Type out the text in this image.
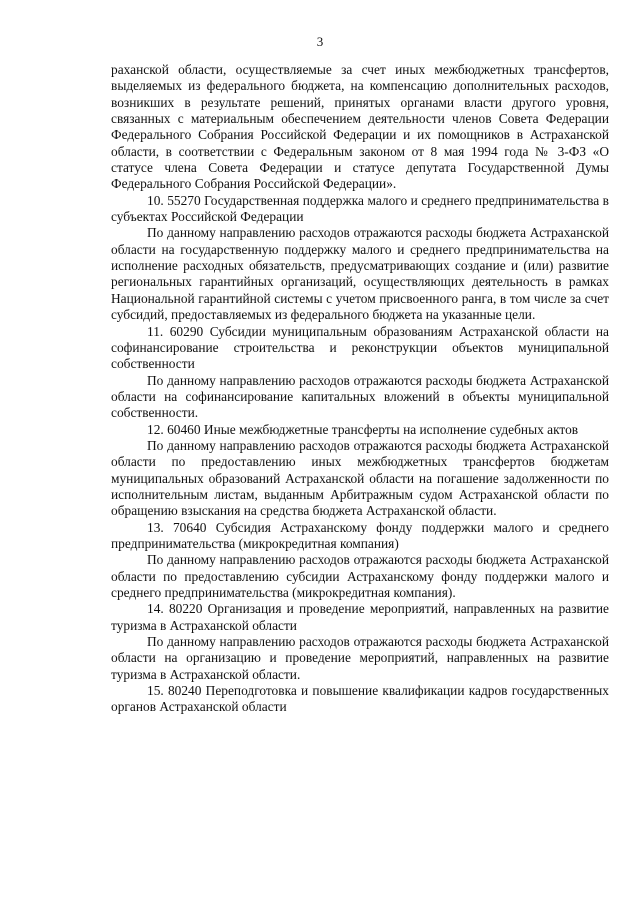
3

раханской области, осуществляемые за счет иных межбюджетных трансфертов, выделяемых из федерального бюджета, на компенсацию дополнительных расходов, возникших в результате решений, принятых органами власти другого уровня, связанных с материальным обеспечением деятельности членов Совета Федерации Федерального Собрания Российской Федерации и их помощников в Астраханской области, в соответствии с Федеральным законом от 8 мая 1994 года № 3-ФЗ «О статусе члена Совета Федерации и статусе депутата Государственной Думы Федерального Собрания Российской Федерации».

10. 55270 Государственная поддержка малого и среднего предпринимательства в субъектах Российской Федерации

По данному направлению расходов отражаются расходы бюджета Астраханской области на государственную поддержку малого и среднего предпринимательства на исполнение расходных обязательств, предусматривающих создание и (или) развитие региональных гарантийных организаций, осуществляющих деятельность в рамках Национальной гарантийной системы с учетом присвоенного ранга, в том числе за счет субсидий, предоставляемых из федерального бюджета на указанные цели.

11. 60290 Субсидии муниципальным образованиям Астраханской области на софинансирование строительства и реконструкции объектов муниципальной собственности

По данному направлению расходов отражаются расходы бюджета Астраханской области на софинансирование капитальных вложений в объекты муниципальной собственности.

12. 60460 Иные межбюджетные трансферты на исполнение судебных актов

По данному направлению расходов отражаются расходы бюджета Астраханской области по предоставлению иных межбюджетных трансфертов бюджетам муниципальных образований Астраханской области на погашение задолженности по исполнительным листам, выданным Арбитражным судом Астраханской области по обращению взыскания на средства бюджета Астраханской области.

13. 70640 Субсидия Астраханскому фонду поддержки малого и среднего предпринимательства (микрокредитная компания)

По данному направлению расходов отражаются расходы бюджета Астраханской области по предоставлению субсидии Астраханскому фонду поддержки малого и среднего предпринимательства (микрокредитная компания).

14. 80220 Организация и проведение мероприятий, направленных на развитие туризма в Астраханской области

По данному направлению расходов отражаются расходы бюджета Астраханской области на организацию и проведение мероприятий, направленных на развитие туризма в Астраханской области.

15. 80240 Переподготовка и повышение квалификации кадров государственных органов Астраханской области
